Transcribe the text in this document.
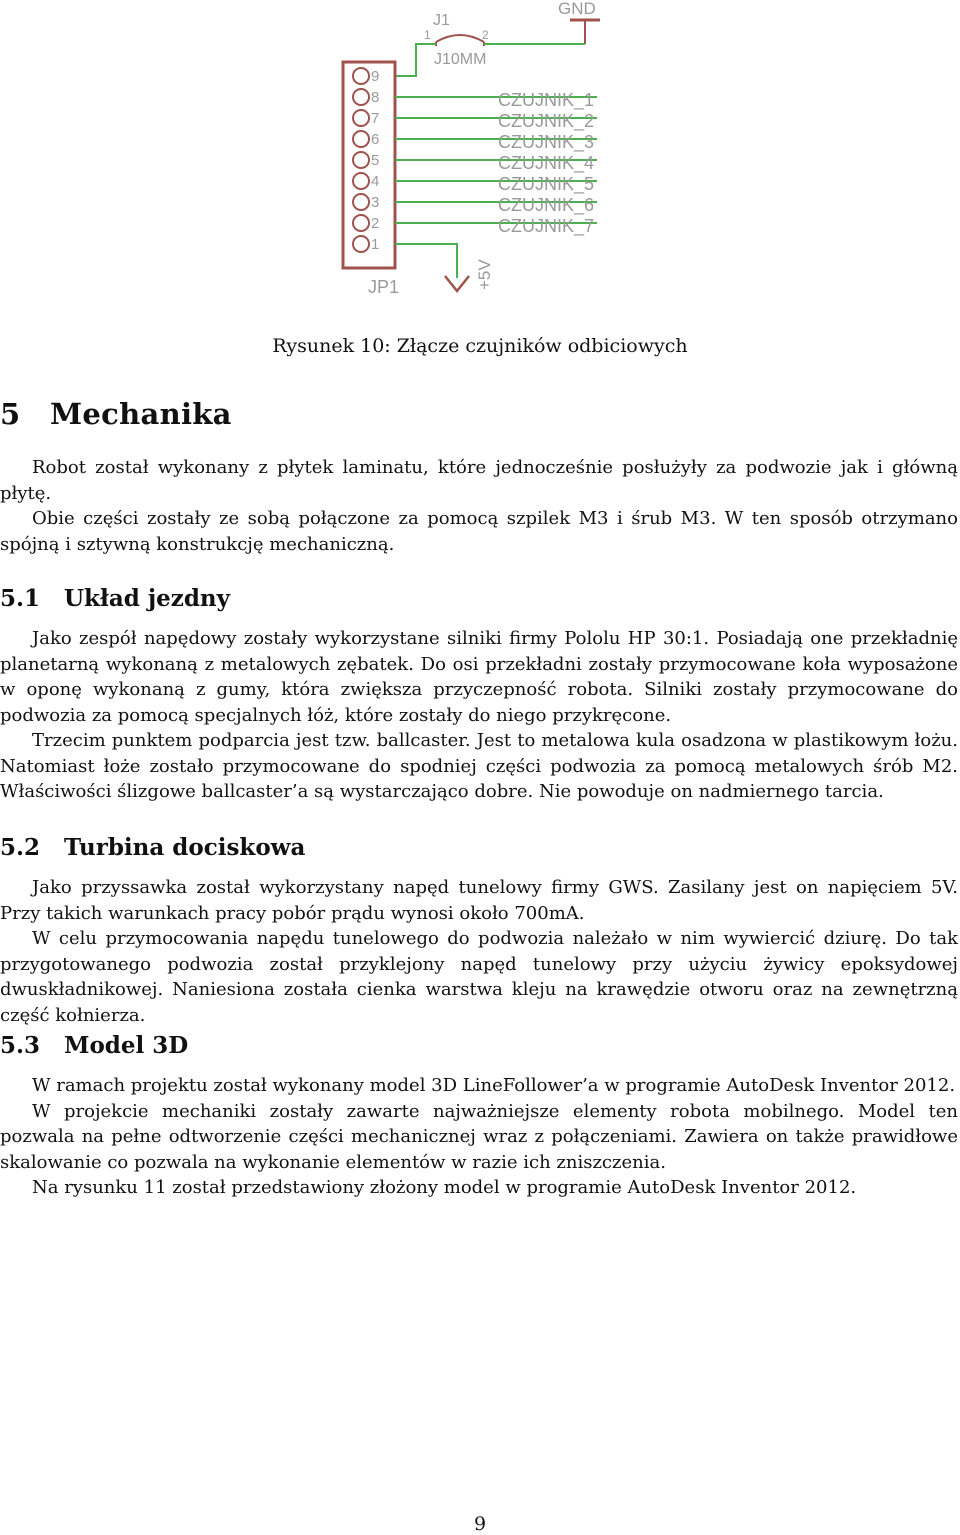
GND
J1
1	2
J10MM
9
8
7
6
5
4
3
2
1
JP1
CZUJNIK_1
CZUJNIK_2
CZUJNIK_3
CZUJNIK_4
CZUJNIK_5
CZUJNIK_6
CZUJNIK_7
+5V
Rysunek 10: Złącze czujników odbiciowych
5 Mechanika

Robot został wykonany z płytek laminatu, które jednocześnie posłużyły za podwozie jak i główną płytę.

Obie części zostały ze sobą połączone za pomocą szpilek M3 i śrub M3. W ten sposób otrzymano spójną i sztywną konstrukcję mechaniczną.

5.1 Układ jezdny

Jako zespół napędowy zostały wykorzystane silniki firmy Pololu HP 30:1. Posiadają one przekładnię planetarną wykonaną z metalowych zębatek. Do osi przekładni zostały przymocowane koła wyposażone w oponę wykonaną z gumy, która zwiększa przyczepność robota. Silniki zostały przymocowane do podwozia za pomocą specjalnych łóż, które zostały do niego przykręcone.

Trzecim punktem podparcia jest tzw. ballcaster. Jest to metalowa kula osadzona w plastikowym łożu. Natomiast łoże zostało przymocowane do spodniej części podwozia za pomocą metalowych śrób M2. Właściwości ślizgowe ballcaster’a są wystarczająco dobre. Nie powoduje on nadmiernego tarcia.

5.2 Turbina dociskowa

Jako przyssawka został wykorzystany napęd tunelowy firmy GWS. Zasilany jest on napięciem 5V. Przy takich warunkach pracy pobór prądu wynosi około 700mA.

W celu przymocowania napędu tunelowego do podwozia należało w nim wywiercić dziurę. Do tak przygotowanego podwozia został przyklejony napęd tunelowy przy użyciu żywicy epoksydowej dwuskładnikowej. Naniesiona została cienka warstwa kleju na krawędzie otworu oraz na zewnętrzną część kołnierza.

5.3 Model 3D

W ramach projektu został wykonany model 3D LineFollower’a w programie AutoDesk Inventor 2012.

W projekcie mechaniki zostały zawarte najważniejsze elementy robota mobilnego. Model ten pozwala na pełne odtworzenie części mechanicznej wraz z połączeniami. Zawiera on także prawidłowe skalowanie co pozwala na wykonanie elementów w razie ich zniszczenia.

Na rysunku 11 został przedstawiony złożony model w programie AutoDesk Inventor 2012.

9
